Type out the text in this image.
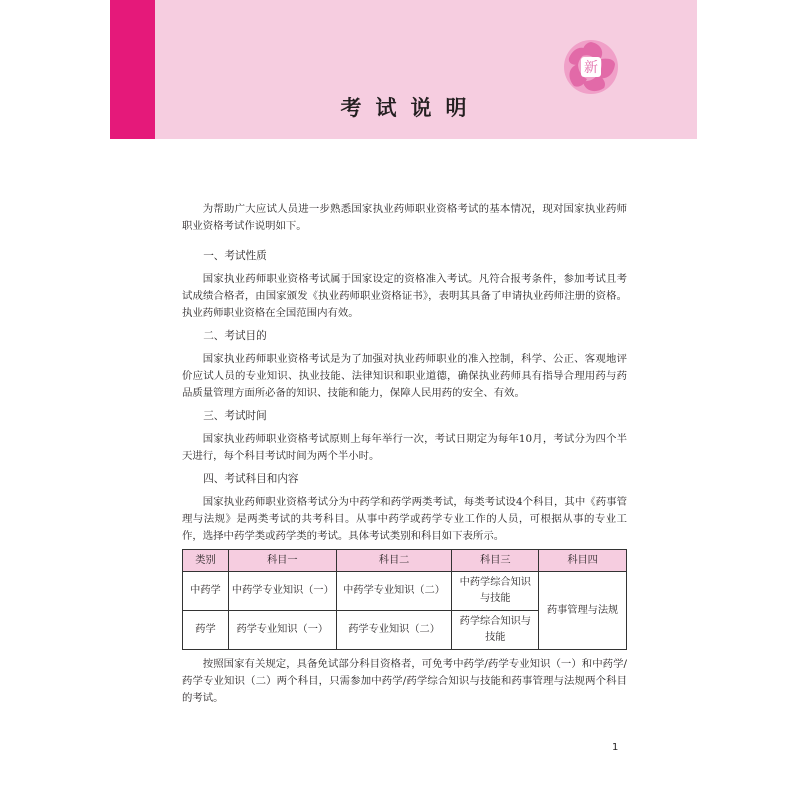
新
考试说明

为帮助广大应试人员进一步熟悉国家执业药师职业资格考试的基本情况，现对国家执业药师职业资格考试作说明如下。

一、考试性质

国家执业药师职业资格考试属于国家设定的资格准入考试。凡符合报考条件，参加考试且考试成绩合格者，由国家颁发《执业药师职业资格证书》，表明其具备了申请执业药师注册的资格。执业药师职业资格在全国范围内有效。

二、考试目的

国家执业药师职业资格考试是为了加强对执业药师职业的准入控制，科学、公正、客观地评价应试人员的专业知识、执业技能、法律知识和职业道德，确保执业药师具有指导合理用药与药品质量管理方面所必备的知识、技能和能力，保障人民用药的安全、有效。

三、考试时间

国家执业药师职业资格考试原则上每年举行一次，考试日期定为每年10月，考试分为四个半天进行，每个科目考试时间为两个半小时。

四、考试科目和内容

国家执业药师职业资格考试分为中药学和药学两类考试，每类考试设4个科目，其中《药事管理与法规》是两类考试的共考科目。从事中药学或药学专业工作的人员，可根据从事的专业工作，选择中药学类或药学类的考试。具体考试类别和科目如下表所示。

类别	科目一	科目二	科目三	科目四
中药学	中药学专业知识（一）	中药学专业知识（二）	中药学综合知识与技能	药事管理与法规
药学	药学专业知识（一）	药学专业知识（二）	药学综合知识与技能	

按照国家有关规定，具备免试部分科目资格者，可免考中药学/药学专业知识（一）和中药学/药学专业知识（二）两个科目，只需参加中药学/药学综合知识与技能和药事管理与法规两个科目的考试。

1
